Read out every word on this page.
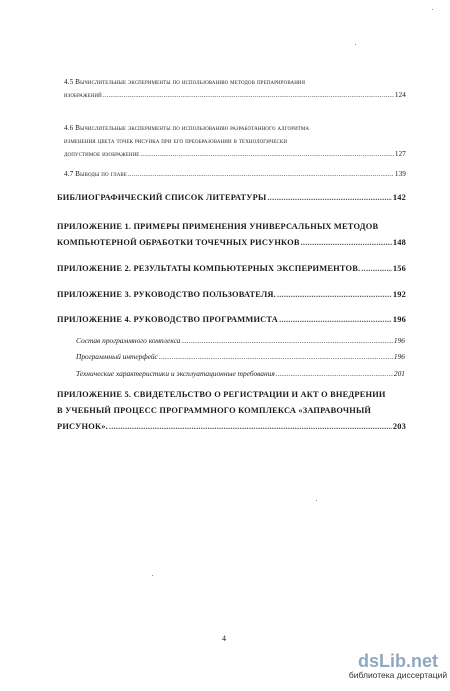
4.5 Вычислительные эксперименты по использованию методов препарирования
изображений .....	124
4.6 Вычислительные эксперименты по использованию разработанного алгоритма
изменения цвета точек рисунка при его преобразовании в технологически
допустимое изображение .....	127
4.7 Выводы по главе .....	139
БИБЛИОГРАФИЧЕСКИЙ СПИСОК ЛИТЕРАТУРЫ .....	142
ПРИЛОЖЕНИЕ 1. ПРИМЕРЫ ПРИМЕНЕНИЯ УНИВЕРСАЛЬНЫХ МЕТОДОВ
КОМПЬЮТЕРНОЙ ОБРАБОТКИ ТОЧЕЧНЫХ РИСУНКОВ .....	148
ПРИЛОЖЕНИЕ 2. РЕЗУЛЬТАТЫ КОМПЬЮТЕРНЫХ ЭКСПЕРИМЕНТОВ. .....	156
ПРИЛОЖЕНИЕ 3. РУКОВОДСТВО ПОЛЬЗОВАТЕЛЯ. .....	192
ПРИЛОЖЕНИЕ 4. РУКОВОДСТВО ПРОГРАММИСТА .....	196
Состав программного комплекса .....	196
Программный интерфейс .....	196
Технические характеристики и эксплуатационные требования .....	201
ПРИЛОЖЕНИЕ 5. СВИДЕТЕЛЬСТВО О РЕГИСТРАЦИИ И АКТ О ВНЕДРЕНИИ
В УЧЕБНЫЙ ПРОЦЕСС ПРОГРАММНОГО КОМПЛЕКСА «ЗАПРАВОЧНЫЙ
РИСУНОК». .....	203
4
dsLib.net
библиотека диссертаций
